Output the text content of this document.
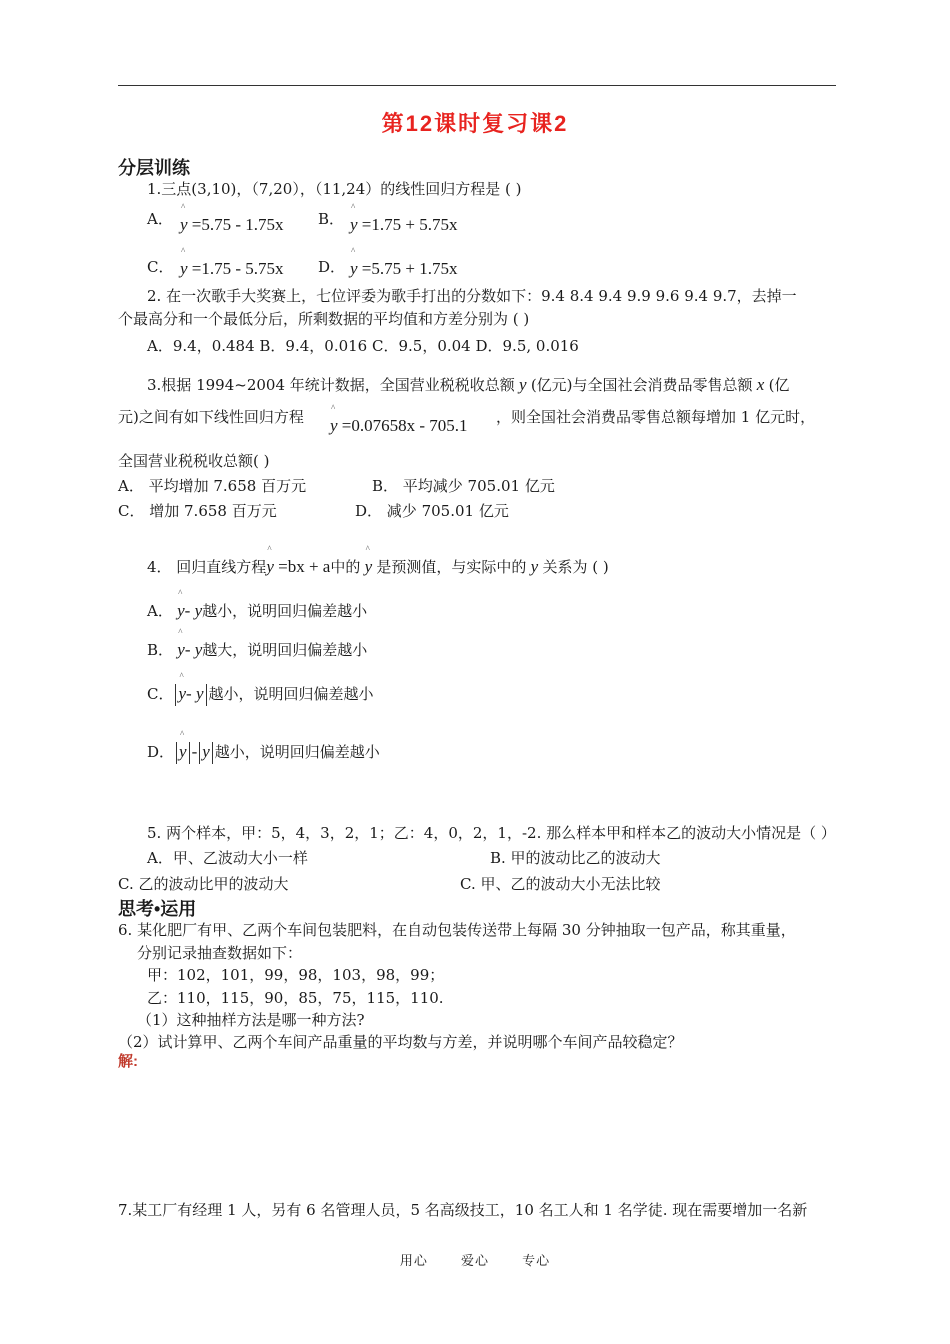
第12课时复习课2
分层训练
1.三点(3,10)，（7,20），（11,24）的线性回归方程是 ( )
A． ^ y =5.75 - 1.75x B． ^ y =1.75 + 5.75x
C． ^ y =1.75 - 5.75x D． ^ y =5.75 + 1.75x
2. 在一次歌手大奖赛上，七位评委为歌手打出的分数如下：9.4 8.4 9.4 9.9 9.6 9.4 9.7，去掉一
个最高分和一个最低分后，所剩数据的平均值和方差分别为 ( )
A．9.4，0.484 B．9.4，0.016 C．9.5，0.04 D．9.5, 0.016
3.根据 1994~2004 年统计数据，全国营业税税收总额 y (亿元)与全国社会消费品零售总额 x (亿
元)之间有如下线性回归方程 ^ y =0.07658x - 705.1 ，则全国社会消费品零售总额每增加 1 亿元时，
全国营业税税收总额( )
A． 平均增加 7.658 百万元	B． 平均减少 705.01 亿元
C． 增加 7.658 百万元	D． 减少 705.01 亿元
4． 回归直线方程^ y =bx + a中的 ^ y 是预测值，与实际中的 y 关系为 ( )
A． ^ y- y越小，说明回归偏差越小
B． ^ y- y越大，说明回归偏差越小
C． ^ y- y 越小，说明回归偏差越小
D． ^ y - y 越小，说明回归偏差越小
5. 两个样本，甲：5，4，3，2，1；乙：4，0，2，1，-2. 那么样本甲和样本乙的波动大小情况是（ ）
A．甲、乙波动大小一样	B. 甲的波动比乙的波动大
C. 乙的波动比甲的波动大	C. 甲、乙的波动大小无法比较
思考•运用
6. 某化肥厂有甲、乙两个车间包装肥料，在自动包装传送带上每隔 30 分钟抽取一包产品，称其重量，
分别记录抽查数据如下：
甲：102，101，99，98，103，98，99；
乙：110，115，90，85，75，115，110.
（1）这种抽样方法是哪一种方法?
（2）试计算甲、乙两个车间产品重量的平均数与方差，并说明哪个车间产品较稳定？
解:
7.某工厂有经理 1 人，另有 6 名管理人员，5 名高级技工，10 名工人和 1 名学徒. 现在需要增加一名新
用心	爱心	专心
